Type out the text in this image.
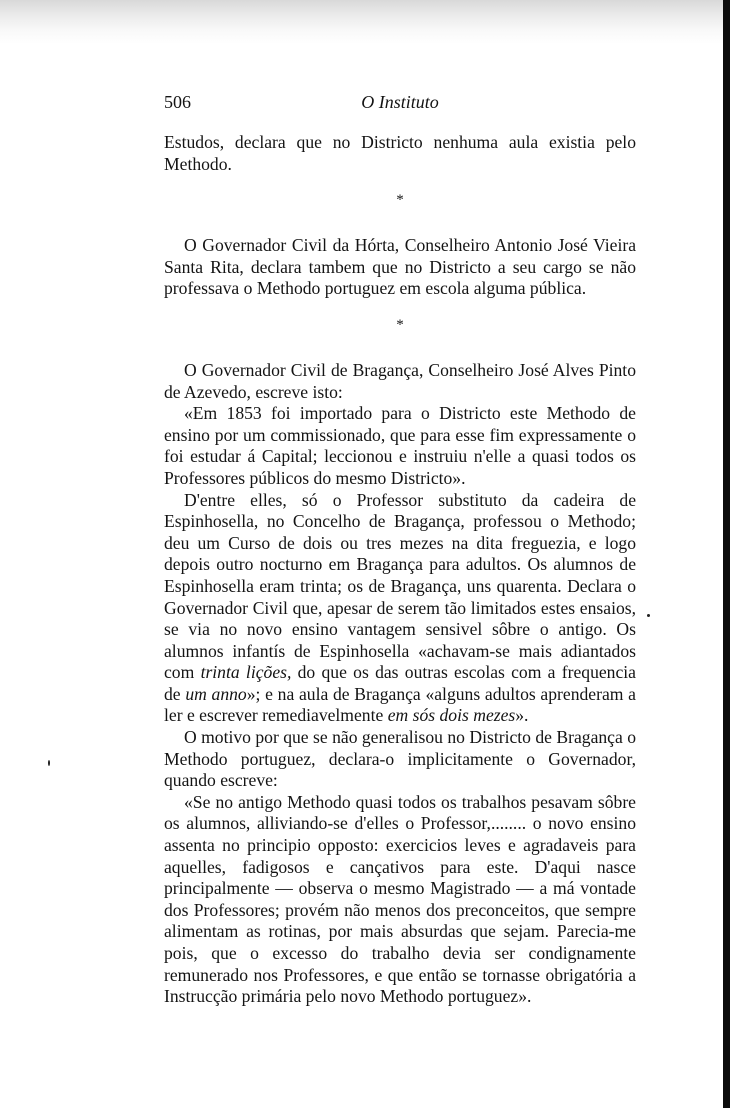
506	O Instituto

Estudos, declara que no Districto nenhuma aula existia pelo Methodo.

*

O Governador Civil da Hórta, Conselheiro Antonio José Vieira Santa Rita, declara tambem que no Districto a seu cargo se não professava o Methodo portuguez em escola alguma pública.

*

O Governador Civil de Bragança, Conselheiro José Alves Pinto de Azevedo, escreve isto:

«Em 1853 foi importado para o Districto este Methodo de ensino por um commissionado, que para esse fim expressamente o foi estudar á Capital; leccionou e instruiu n'elle a quasi todos os Professores públicos do mesmo Districto».

D'entre elles, só o Professor substituto da cadeira de Espinhosella, no Concelho de Bragança, professou o Methodo; deu um Curso de dois ou tres mezes na dita freguezia, e logo depois outro nocturno em Bragança para adultos. Os alumnos de Espinhosella eram trinta; os de Bragança, uns quarenta. Declara o Governador Civil que, apesar de serem tão limitados estes ensaios, se via no novo ensino vantagem sensivel sôbre o antigo. Os alumnos infantís de Espinhosella «achavam-se mais adiantados com trinta lições, do que os das outras escolas com a frequencia de um anno»; e na aula de Bragança «alguns adultos aprenderam a ler e escrever remediavelmente em sós dois mezes».

O motivo por que se não generalisou no Districto de Bragança o Methodo portuguez, declara-o implicitamente o Governador, quando escreve:

«Se no antigo Methodo quasi todos os trabalhos pesavam sôbre os alumnos, alliviando-se d'elles o Professor,........ o novo ensino assenta no principio opposto: exercicios leves e agradaveis para aquelles, fadigosos e cançativos para este. D'aqui nasce principalmente — observa o mesmo Magistrado — a má vontade dos Professores; provém não menos dos preconceitos, que sempre alimentam as rotinas, por mais absurdas que sejam. Parecia-me pois, que o excesso do trabalho devia ser condignamente remunerado nos Professores, e que então se tornasse obrigatória a Instrucção primária pelo novo Methodo portuguez».
